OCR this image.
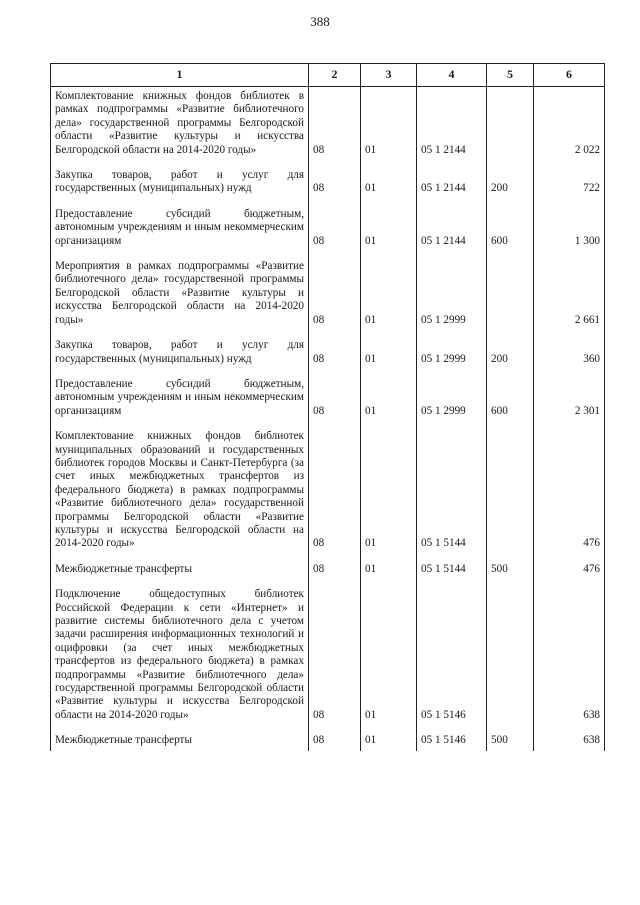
388
1	2	3	4	5	6
Комплектование книжных фондов библиотек в рамках подпрограммы «Развитие библиотечного дела» государственной программы Белгородской области «Развитие культуры и искусства Белгородской области на 2014-2020 годы»	08	01	05 1 2144		2 022

Закупка товаров, работ и услуг для государственных (муниципальных) нужд	08	01	05 1 2144	200	722

Предоставление субсидий бюджетным, автономным учреждениям и иным некоммерческим организациям	08	01	05 1 2144	600	1 300

Мероприятия в рамках подпрограммы «Развитие библиотечного дела» государственной программы Белгородской области «Развитие культуры и искусства Белгородской области на 2014-2020 годы»	08	01	05 1 2999		2 661

Закупка товаров, работ и услуг для государственных (муниципальных) нужд	08	01	05 1 2999	200	360

Предоставление субсидий бюджетным, автономным учреждениям и иным некоммерческим организациям	08	01	05 1 2999	600	2 301

Комплектование книжных фондов библиотек муниципальных образований и государственных библиотек городов Москвы и Санкт-Петербурга (за счет иных межбюджетных трансфертов из федерального бюджета) в рамках подпрограммы «Развитие библиотечного дела» государственной программы Белгородской области «Развитие культуры и искусства Белгородской области на 2014-2020 годы»	08	01	05 1 5144		476

Межбюджетные трансферты	08	01	05 1 5144	500	476

Подключение общедоступных библиотек Российской Федерации к сети «Интернет» и развитие системы библиотечного дела с учетом задачи расширения информационных технологий и оцифровки (за счет иных межбюджетных трансфертов из федерального бюджета) в рамках подпрограммы «Развитие библиотечного дела» государственной программы Белгородской области «Развитие культуры и искусства Белгородской области на 2014-2020 годы»	08	01	05 1 5146		638

Межбюджетные трансферты	08	01	05 1 5146	500	638
